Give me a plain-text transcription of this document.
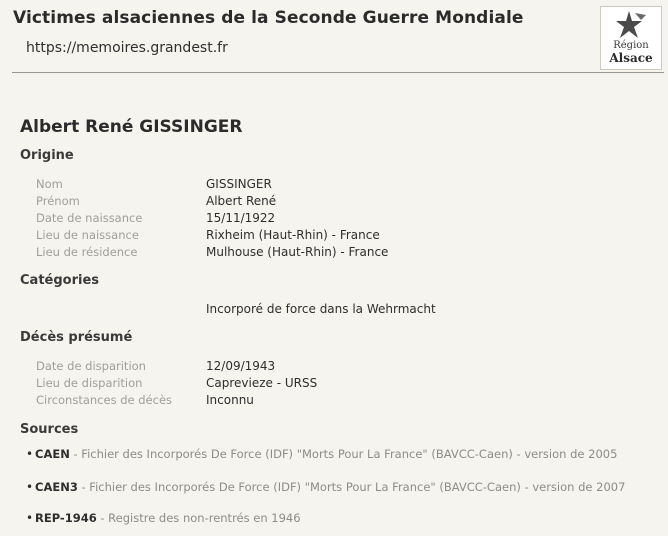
Victimes alsaciennes de la Seconde Guerre Mondiale
https://memoires.grandest.fr	Région
Alsace
Albert René GISSINGER
Origine
Nom	GISSINGER
Prénom	Albert René
Date de naissance	15/11/1922
Lieu de naissance	Rixheim (Haut-Rhin) - France
Lieu de résidence	Mulhouse (Haut-Rhin) - France
Catégories
Incorporé de force dans la Wehrmacht
Décès présumé
Date de disparition	12/09/1943
Lieu de disparition	Caprevieze - URSS
Circonstances de décès	Inconnu
Sources
• CAEN - Fichier des Incorporés De Force (IDF) "Morts Pour La France" (BAVCC-Caen) - version de 2005
• CAEN3 - Fichier des Incorporés De Force (IDF) "Morts Pour La France" (BAVCC-Caen) - version de 2007
• REP-1946 - Registre des non-rentrés en 1946
